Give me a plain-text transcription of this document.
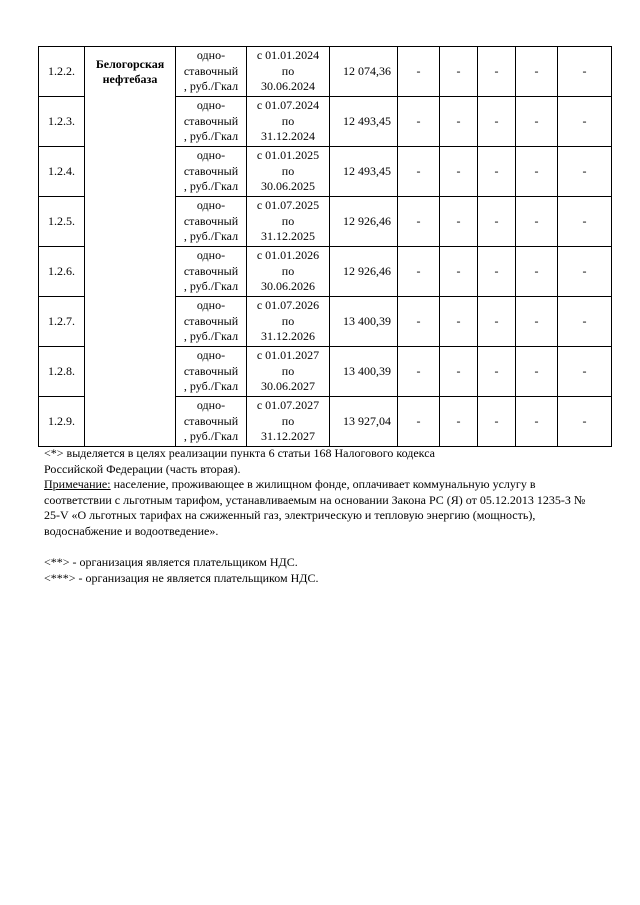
1.2.2.	Белогорская нефтебаза	одно-
ставочный
, руб./Гкал	с 01.01.2024
по
30.06.2024	12 074,36	-	-	-	-	-
1.2.3.		одно-
ставочный
, руб./Гкал	с 01.07.2024
по
31.12.2024	12 493,45	-	-	-	-	-
1.2.4.		одно-
ставочный
, руб./Гкал	с 01.01.2025
по
30.06.2025	12 493,45	-	-	-	-	-
1.2.5.		одно-
ставочный
, руб./Гкал	с 01.07.2025
по
31.12.2025	12 926,46	-	-	-	-	-
1.2.6.		одно-
ставочный
, руб./Гкал	с 01.01.2026
по
30.06.2026	12 926,46	-	-	-	-	-
1.2.7.		одно-
ставочный
, руб./Гкал	с 01.07.2026
по
31.12.2026	13 400,39	-	-	-	-	-
1.2.8.		одно-
ставочный
, руб./Гкал	с 01.01.2027
по
30.06.2027	13 400,39	-	-	-	-	-
1.2.9.		одно-
ставочный
, руб./Гкал	с 01.07.2027
по
31.12.2027	13 927,04	-	-	-	-	-

<*> выделяется в целях реализации пункта 6 статьи 168 Налогового кодекса

Российской Федерации (часть вторая).

Примечание: население, проживающее в жилищном фонде, оплачивает коммунальную услугу в соответствии с льготным тарифом, устанавливаемым на основании Закона РС (Я) от 05.12.2013 1235-З № 25-V «О льготных тарифах на сжиженный газ, электрическую и тепловую энергию (мощность), водоснабжение и водоотведение».

<**> - организация является плательщиком НДС.

<***> - организация не является плательщиком НДС.
